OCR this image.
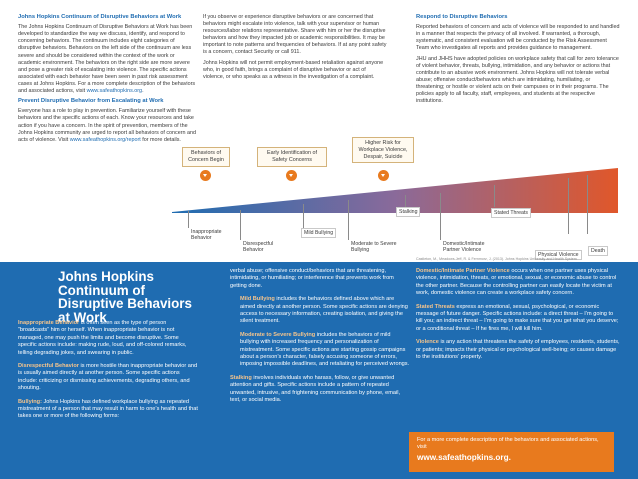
Johns Hopkins Continuum of Disruptive Behaviors at Work

The Johns Hopkins Continuum of Disruptive Behaviors at Work has been developed to standardize the way we discuss, identify, and respond to concerning behaviors. The continuum includes eight categories of disruptive behaviors. Behaviors on the left side of the continuum are less severe and should be considered within the context of the work or academic environment. The behaviors on the right side are more severe and pose a greater risk of escalating into violence. The specific actions associated with each behavior have been seen in past risk assessment cases at Johns Hopkins. For a more complete description of the behaviors and associated actions, visit www.safeathopkins.org.

Prevent Disruptive Behavior from Escalating at Work

Everyone has a role to play in prevention. Familiarize yourself with these behaviors and the specific actions of each. Know your resources and take action if you have a concern. In the spirit of prevention, members of the Johns Hopkins community are urged to report all behaviors of concern and acts of violence. Visit www.safeathopkins.org/report for more details.

If you observe or experience disruptive behaviors or are concerned that behaviors might escalate into violence, talk with your supervisor or human resources/labor relations representative. Share with him or her the disruptive behaviors and how they impacted job or academic responsibilities. It may be important to note patterns and frequencies of behaviors. If at any point safety is a concern, contact Security or call 911.

Johns Hopkins will not permit employment-based retaliation against anyone who, in good faith, brings a complaint of disruptive behavior or act of violence, or who speaks as a witness in the investigation of a complaint.

Respond to Disruptive Behaviors

Reported behaviors of concern and acts of violence will be responded to and handled in a manner that respects the privacy of all involved. If warranted, a thorough, systematic, and consistent evaluation will be conducted by the Risk Assessment Team who investigates all reports and provides guidance to management.

JHU and JHHS have adopted policies on workplace safety that call for zero tolerance of violent behavior, threats, bullying, intimidation, and any behavior or actions that contribute to an abusive work environment. Johns Hopkins will not tolerate verbal abuse; offensive conduct/behaviors which are intimidating, humiliating, or threatening; or hostile or violent acts on their campuses or in their programs. The policies apply to all faculty, staff, employees, and students at the respective institutions.

Behaviors of Concern Begin
Early Identification of Safety Concerns
Higher Risk for Workplace Violence, Despair, Suicide
Inappropriate Behavior
Disrespectful Behavior
Mild Bullying
Moderate to Severe Bullying
Stalking
Domestic/Intimate Partner Violence
Stated Threats
Physical Violence
Death
Castleton, M., Meadows-Jeff, R. & Fernmorz, J. (2013). Johns Hopkins University and Health System
Johns Hopkins
Continuum of
Disruptive Behaviors
at Work

Inappropriate Behavior is often seen as the type of person “broadcasts” him or herself. When inappropriate behavior is not managed, one may push the limits and become disruptive. Some specific actions include: making rude, loud, and off-colored remarks, telling degrading jokes, and swearing in public.

Disrespectful Behavior is more hostile than inappropriate behavior and is usually aimed directly at another person. Some specific actions include: criticizing or dismissing achievements, degrading others, and shouting.

Bullying: Johns Hopkins has defined workplace bullying as repeated mistreatment of a person that may result in harm to one’s health and that takes one or more of the following forms:

verbal abuse; offensive conduct/behaviors that are threatening, intimidating, or humiliating; or interference that prevents work from getting done.

Mild Bullying includes the behaviors defined above which are aimed directly at another person. Some specific actions are denying access to necessary information, creating isolation, and giving the silent treatment.

Moderate to Severe Bullying includes the behaviors of mild bullying with increased frequency and personalization of mistreatment. Some specific actions are starting gossip campaigns about a person’s character, falsely accusing someone of errors, imposing impossible deadlines, and retaliating for perceived wrongs.

Stalking involves individuals who harass, follow, or give unwanted attention and gifts. Specific actions include a pattern of repeated unwanted, intrusive, and frightening communication by phone, email, text, or social media.

Domestic/Intimate Partner Violence occurs when one partner uses physical violence, intimidation, threats, or emotional, sexual, or economic abuse to control the other partner. Because the controlling partner can easily locate the victim at work, domestic violence can create a workplace safety concern.

Stated Threats express an emotional, sexual, psychological, or economic message of future danger. Specific actions include: a direct threat – I’m going to kill you; an indirect threat – I’m going to make sure that you get what you deserve; or a conditional threat – If he fires me, I will kill him.

Violence is any action that threatens the safety of employees, residents, students, or patients; impacts their physical or psychological well-being; or causes damage to the institutions’ property.

For a more complete description of the behaviors and associated actions, visit
www.safeathopkins.org.
